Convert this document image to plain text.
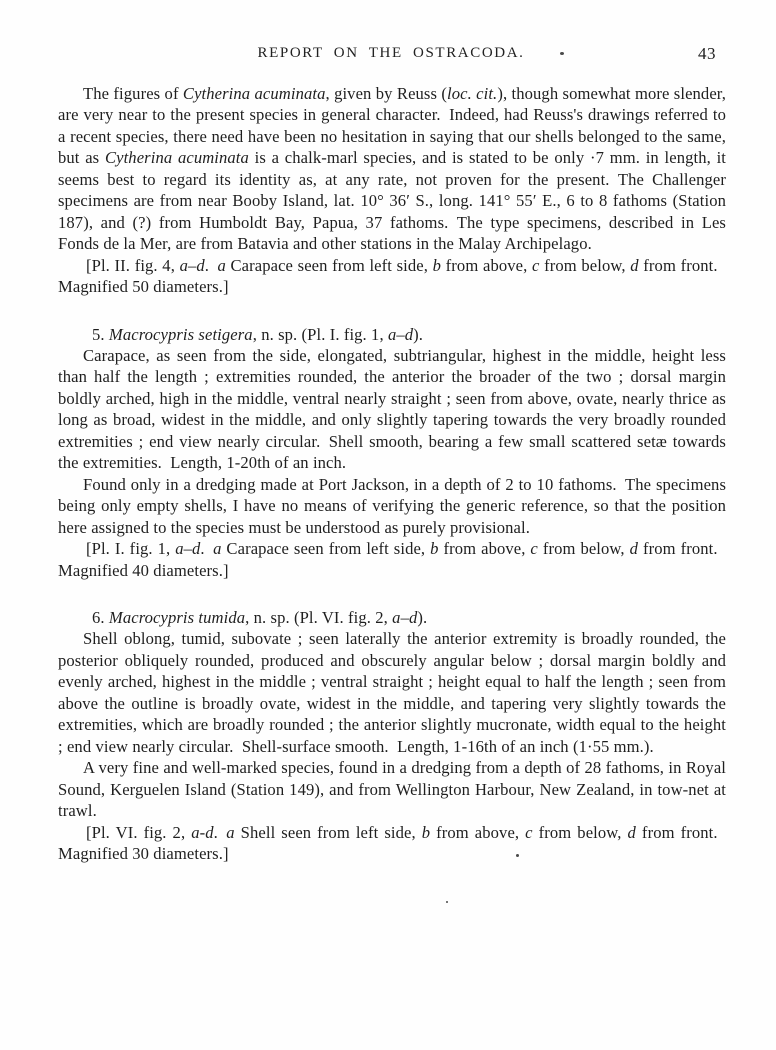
REPORT ON THE OSTRACODA.	43

The figures of Cytherina acuminata, given by Reuss (loc. cit.), though somewhat more slender, are very near to the present species in general character. Indeed, had Reuss's drawings referred to a recent species, there need have been no hesitation in saying that our shells belonged to the same, but as Cytherina acuminata is a chalk-marl species, and is stated to be only ·7 mm. in length, it seems best to regard its identity as, at any rate, not proven for the present. The Challenger specimens are from near Booby Island, lat. 10° 36′ S., long. 141° 55′ E., 6 to 8 fathoms (Station 187), and (?) from Humboldt Bay, Papua, 37 fathoms. The type specimens, described in Les Fonds de la Mer, are from Batavia and other stations in the Malay Archipelago.

[Pl. II. fig. 4, a–d. a Carapace seen from left side, b from above, c from below, d from front. Magnified 50 diameters.]

5. Macrocypris setigera, n. sp. (Pl. I. fig. 1, a–d).

Carapace, as seen from the side, elongated, subtriangular, highest in the middle, height less than half the length ; extremities rounded, the anterior the broader of the two ; dorsal margin boldly arched, high in the middle, ventral nearly straight ; seen from above, ovate, nearly thrice as long as broad, widest in the middle, and only slightly tapering towards the very broadly rounded extremities ; end view nearly circular. Shell smooth, bearing a few small scattered setæ towards the extremities. Length, 1-20th of an inch.

Found only in a dredging made at Port Jackson, in a depth of 2 to 10 fathoms. The specimens being only empty shells, I have no means of verifying the generic reference, so that the position here assigned to the species must be understood as purely provisional.

[Pl. I. fig. 1, a–d. a Carapace seen from left side, b from above, c from below, d from front. Magnified 40 diameters.]

6. Macrocypris tumida, n. sp. (Pl. VI. fig. 2, a–d).

Shell oblong, tumid, subovate ; seen laterally the anterior extremity is broadly rounded, the posterior obliquely rounded, produced and obscurely angular below ; dorsal margin boldly and evenly arched, highest in the middle ; ventral straight ; height equal to half the length ; seen from above the outline is broadly ovate, widest in the middle, and tapering very slightly towards the extremities, which are broadly rounded ; the anterior slightly mucronate, width equal to the height ; end view nearly circular. Shell-surface smooth. Length, 1-16th of an inch (1·55 mm.).

A very fine and well-marked species, found in a dredging from a depth of 28 fathoms, in Royal Sound, Kerguelen Island (Station 149), and from Wellington Harbour, New Zealand, in tow-net at trawl.

[Pl. VI. fig. 2, a-d. a Shell seen from left side, b from above, c from below, d from front. Magnified 30 diameters.]
